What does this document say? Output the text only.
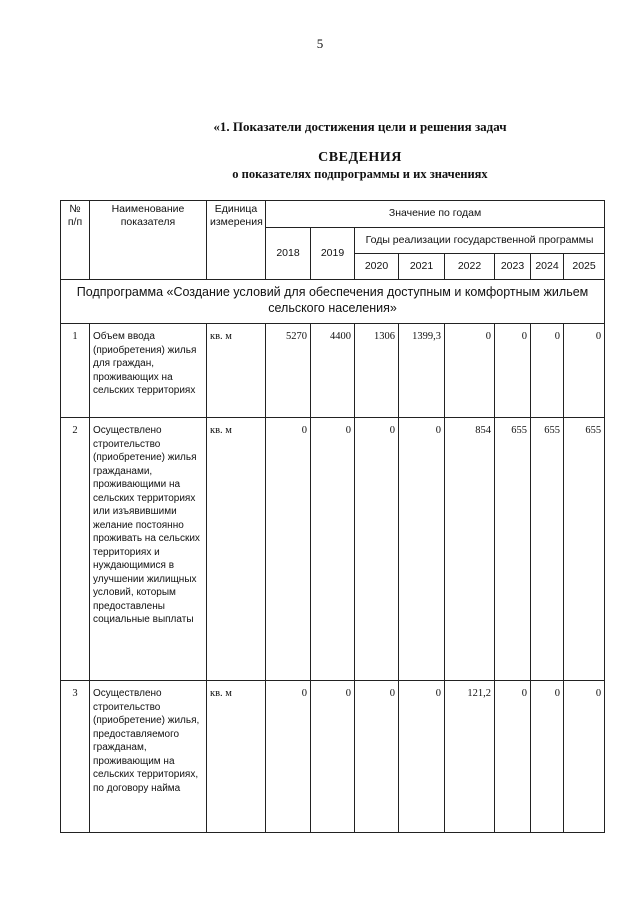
5
«1. Показатели достижения цели и решения задач
СВЕДЕНИЯ
о показателях подпрограммы и их значениях
№ п/п	Наименование показателя	Единица измерения	Значение по годам							
			2018	2019	Годы реализации государственной программы					
					2020	2021	2022	2023	2024	2025
Подпрограмма «Создание условий для обеспечения доступным и комфортным жильем сельского населения»										
1	Объем ввода (приобретения) жилья для граждан, проживающих на сельских территориях	кв. м	5270	4400	1306	1399,3	0	0	0	0
2	Осуществлено строительство (приобретение) жилья гражданами, проживающими на сельских территориях или изъявившими желание постоянно проживать на сельских территориях и нуждающимися в улучшении жилищных условий, которым предоставлены социальные выплаты	кв. м	0	0	0	0	854	655	655	655
3	Осуществлено строительство (приобретение) жилья, предоставляемого гражданам, проживающим на сельских территориях, по договору найма	кв. м	0	0	0	0	121,2	0	0	0
